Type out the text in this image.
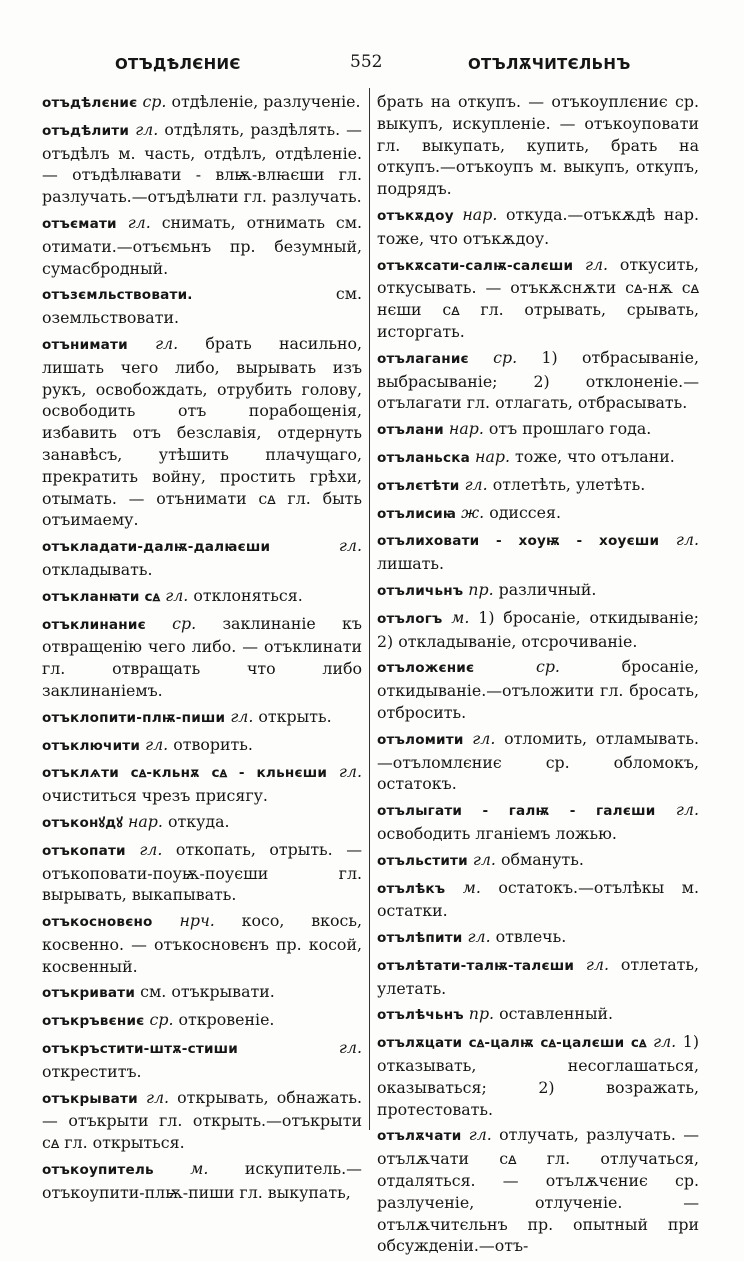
ОТЪДѢЛЄНИЄ	552	ОТЪЛѪЧИТЄЛЬНЪ
отъдѣлєниє ср. отдѣленіе, разлученіе.
отъдѣлити гл. отдѣлять, раздѣлять. — отъдѣлъ м. часть, отдѣлъ, отдѣленіе. — отъдѣлꙗвати - влѭ-влꙗєши гл. разлучать.—отъдѣлꙗти гл. разлучать.
отъємати гл. снимать, отнимать см. отимати.—отъємьнъ пр. безумный, сумасбродный.
отъзємльствовати.	см. оземльствовати.
отънимати гл. брать насильно, лишать чего либо, вырывать изъ рукъ, освобождать, отрубить голову, освободить отъ порабощенія, избавить отъ безславія, отдернуть занавѣсъ, утѣшить плачущаго, прекратить войну, простить грѣхи, отымать. — отънимати сꙙ гл. быть отъимаему.
отъкладати-далѭ-далꙗєши	гл. откладывать.
отъкланꙗти сꙙ гл. отклоняться.
отъклинаниє ср. заклинаніе къ отвращенію чего либо. — отъклинати гл. отвращать что либо заклинаніемъ.
отъклопити-плѭ-пиши гл. открыть.
отъключити гл. отворить.
отъклѧти сꙙ-кльнѫ сꙙ - кльнєши гл. очиститься чрезъ присягу.
отъконꙋдꙋ нар. откуда.
отъкопати гл. откопать, отрыть. — отъкоповати-поуѭ-поуєши гл. вырывать, выкапывать.
отъкосновєно нрч. косо, вкось, косвенно. — отъкосновєнъ пр. косой, косвенный.
отъкривати см. отъкрывати.
отъкръвєниє ср. откровеніе.
отъкръстити-штѫ-стиши	гл. откреститъ.
отъкрывати гл. открывать, обнажать. — отъкрыти гл. открыть.—отъкрыти сꙙ гл. открыться.
отъкоупитель м. искупитель.—отъкоупити-плѭ-пиши гл. выкупать,
брать на откупъ. — отъкоуплєниє ср. выкупъ, искупленіе. — отъкоуповати гл. выкупать, купить, брать на откупъ.—отъкоупъ м. выкупъ, откупъ, подрядъ.
отъкѫдоу нар. откуда.—отъкѫдѣ нар. тоже, что отъкѫдоу.
отъкѫсати-салѭ-салєши гл. откусить, откусывать. — отъкѫснѫти сꙙ-нѫ сꙙ нєши сꙙ гл. отрывать, срывать, исторгать.
отълаганиє ср. 1) отбрасываніе, выбрасываніе; 2) отклоненіе.—отълагати гл. отлагать, отбрасывать.
отълани нар. отъ прошлаго года.
отъланьска нар. тоже, что отълани.
отълєтѣти гл. отлетѣть, улетѣть.
отълисиꙗ ж. одиссея.
отълиховати - хоуѭ - хоуєши гл. лишать.
отъличьнъ пр. различный.
отълогъ м. 1) бросаніе, откидываніе; 2) откладываніе, отсрочиваніе.
отъложєниє	ср.	бросаніе, откидываніе.—отъложити гл. бросать, отбросить.
отъломити гл. отломить, отламывать. —отъломлєниє ср. обломокъ, остатокъ.
отълыгати - галѭ - галєши гл. освободить лганіемъ ложью.
отъльстити гл. обмануть.
отълѣкъ м. остатокъ.—отълѣкы м. остатки.
отълѣпити гл. отвлечь.
отълѣтати-талѭ-талєши гл. отлетать, улетать.
отълѣчьнъ пр. оставленный.
отълѫцати сꙙ-цалѭ сꙙ-цалєши сꙙ гл. 1) отказывать, несоглашаться, оказываться; 2) возражать, протестовать.
отълѫчати гл. отлучать, разлучать. —отълѫчати сꙙ гл. отлучаться, отдаляться. — отълѫчєниє ср. разлученіе, отлученіе. — отълѫчитєльнъ пр. опытный при обсужденіи.—отъ-
